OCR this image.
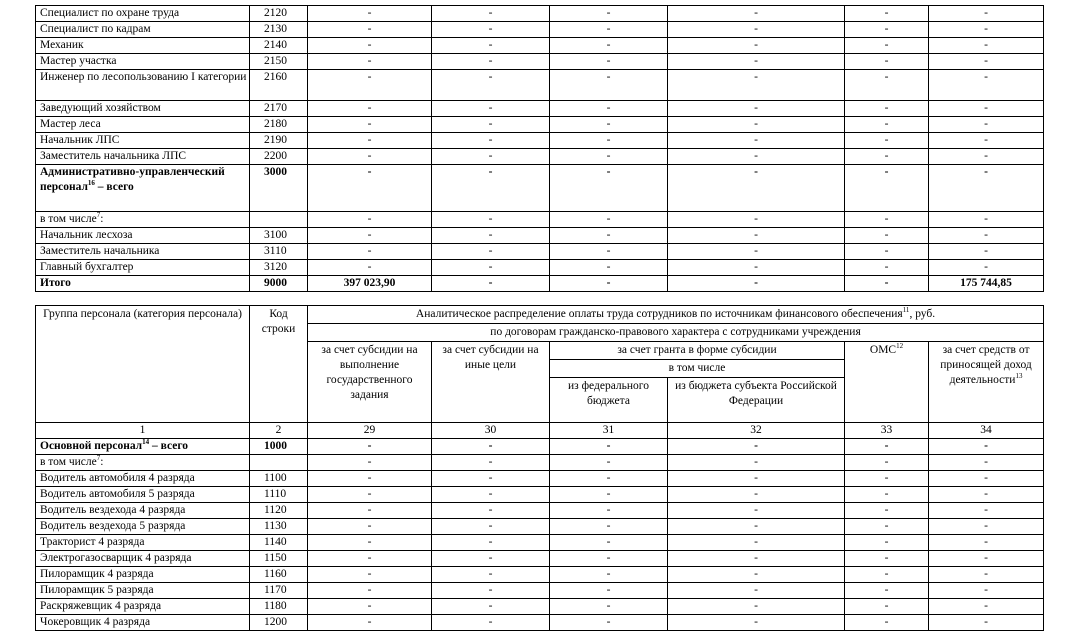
Специалист по охране труда	2120	-	-	-	-	-	-
Специалист по кадрам	2130	-	-	-	-	-	-
Механик	2140	-	-	-	-	-	-
Мастер участка	2150	-	-	-	-	-	-
Инженер по лесопользованию I категории	2160	-	-	-	-	-	-
Заведующий хозяйством	2170	-	-	-	-	-	-
Мастер леса	2180	-	-	-	-	-	-
Начальник ЛПС	2190	-	-	-	-	-	-
Заместитель начальника ЛПС	2200	-	-	-	-	-	-
Административно-управленческий персонал$^{16}$ – всего	3000	-	-	-	-	-	-
в том числе$^7$:		-	-	-	-	-	-
Начальник лесхоза	3100	-	-	-	-	-	-
Заместитель начальника	3110	-	-	-	-	-	-
Главный бухгалтер	3120	-	-	-	-	-	-
Итого	9000	397 023,90	-	-	-	-	175 744,85
Группа персонала (категория персонала)	Код строки	Аналитическое распределение оплаты труда сотрудников по источникам финансового обеспечения$^{11}$, руб.					
		по договорам гражданско-правового характера с сотрудниками учреждения					
		за счет субсидии на выполнение государственного задания	за счет субсидии на иные цели	за счет гранта в форме субсидии		ОМС$^{12}$	за счет средств от приносящей доход деятельности$^{13}$
				в том числе			
				из федерального бюджета	из бюджета субъекта Российской Федерации		
1	2	29	30	31	32	33	34
Основной персонал$^{14}$ – всего	1000	-	-	-	-	-	-
в том числе$^7$:		-	-	-	-	-	-
Водитель автомобиля 4 разряда	1100	-	-	-	-	-	-
Водитель автомобиля 5 разряда	1110	-	-	-	-	-	-
Водитель вездехода 4 разряда	1120	-	-	-	-	-	-
Водитель вездехода 5 разряда	1130	-	-	-	-	-	-
Тракторист 4 разряда	1140	-	-	-	-	-	-
Электрогазосварщик 4 разряда	1150	-	-	-	-	-	-
Пилорамщик 4 разряда	1160	-	-	-	-	-	-
Пилорамщик 5 разряда	1170	-	-	-	-	-	-
Раскряжевщик 4 разряда	1180	-	-	-	-	-	-
Чокеровщик 4 разряда	1200	-	-	-	-	-	-
